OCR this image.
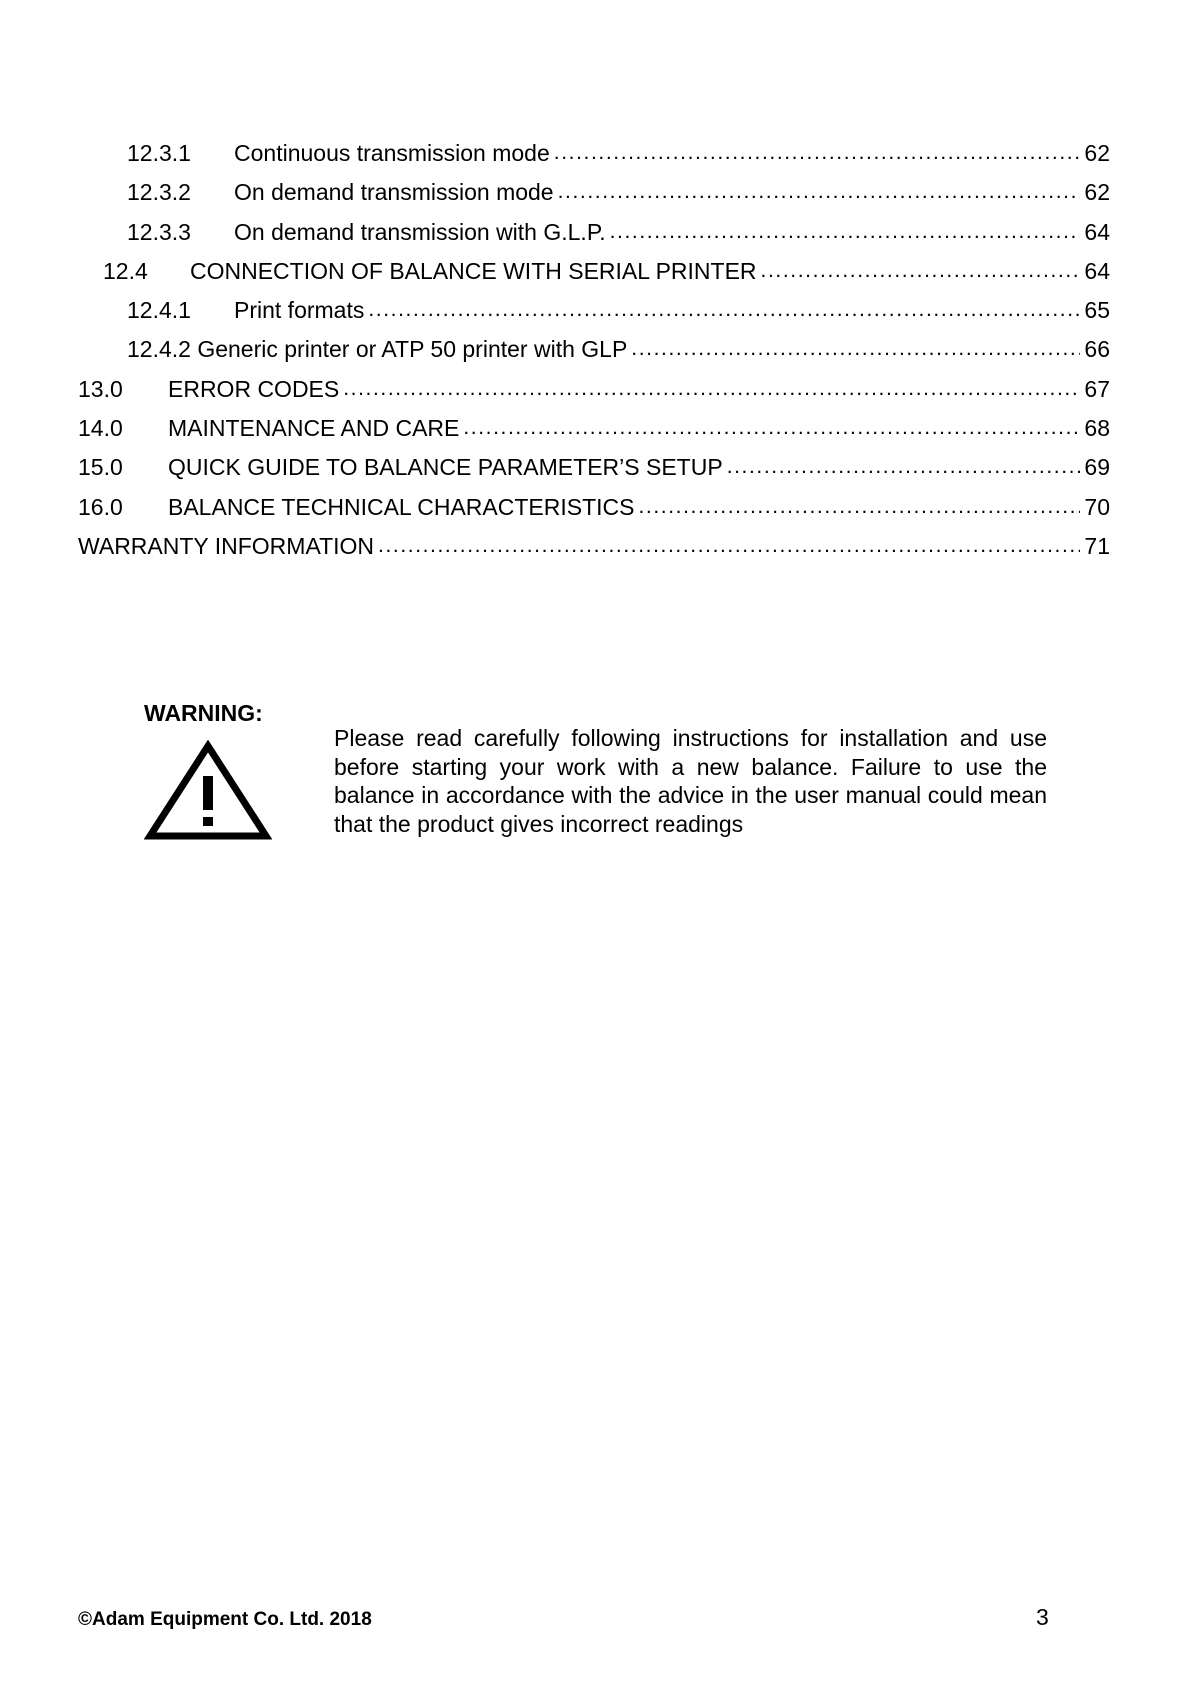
12.3.1	Continuous transmission mode .....	62
12.3.2	On demand transmission mode .....	62
12.3.3	On demand transmission with G.L.P. .....	64
12.4	CONNECTION OF BALANCE WITH SERIAL PRINTER .....	64
12.4.1	Print formats .....	65
12.4.2 Generic printer or ATP 50 printer with GLP .....	66
13.0	ERROR CODES .....	67
14.0	MAINTENANCE AND CARE .....	68
15.0	QUICK GUIDE TO BALANCE PARAMETER’S SETUP .....	69
16.0	BALANCE TECHNICAL CHARACTERISTICS .....	70
WARRANTY INFORMATION .....	71
WARNING:
Please read carefully following instructions for installation and use before starting your work with a new balance. Failure to use the balance in accordance with the advice in the user manual could mean that the product gives incorrect readings
©Adam Equipment Co. Ltd. 2018	3
